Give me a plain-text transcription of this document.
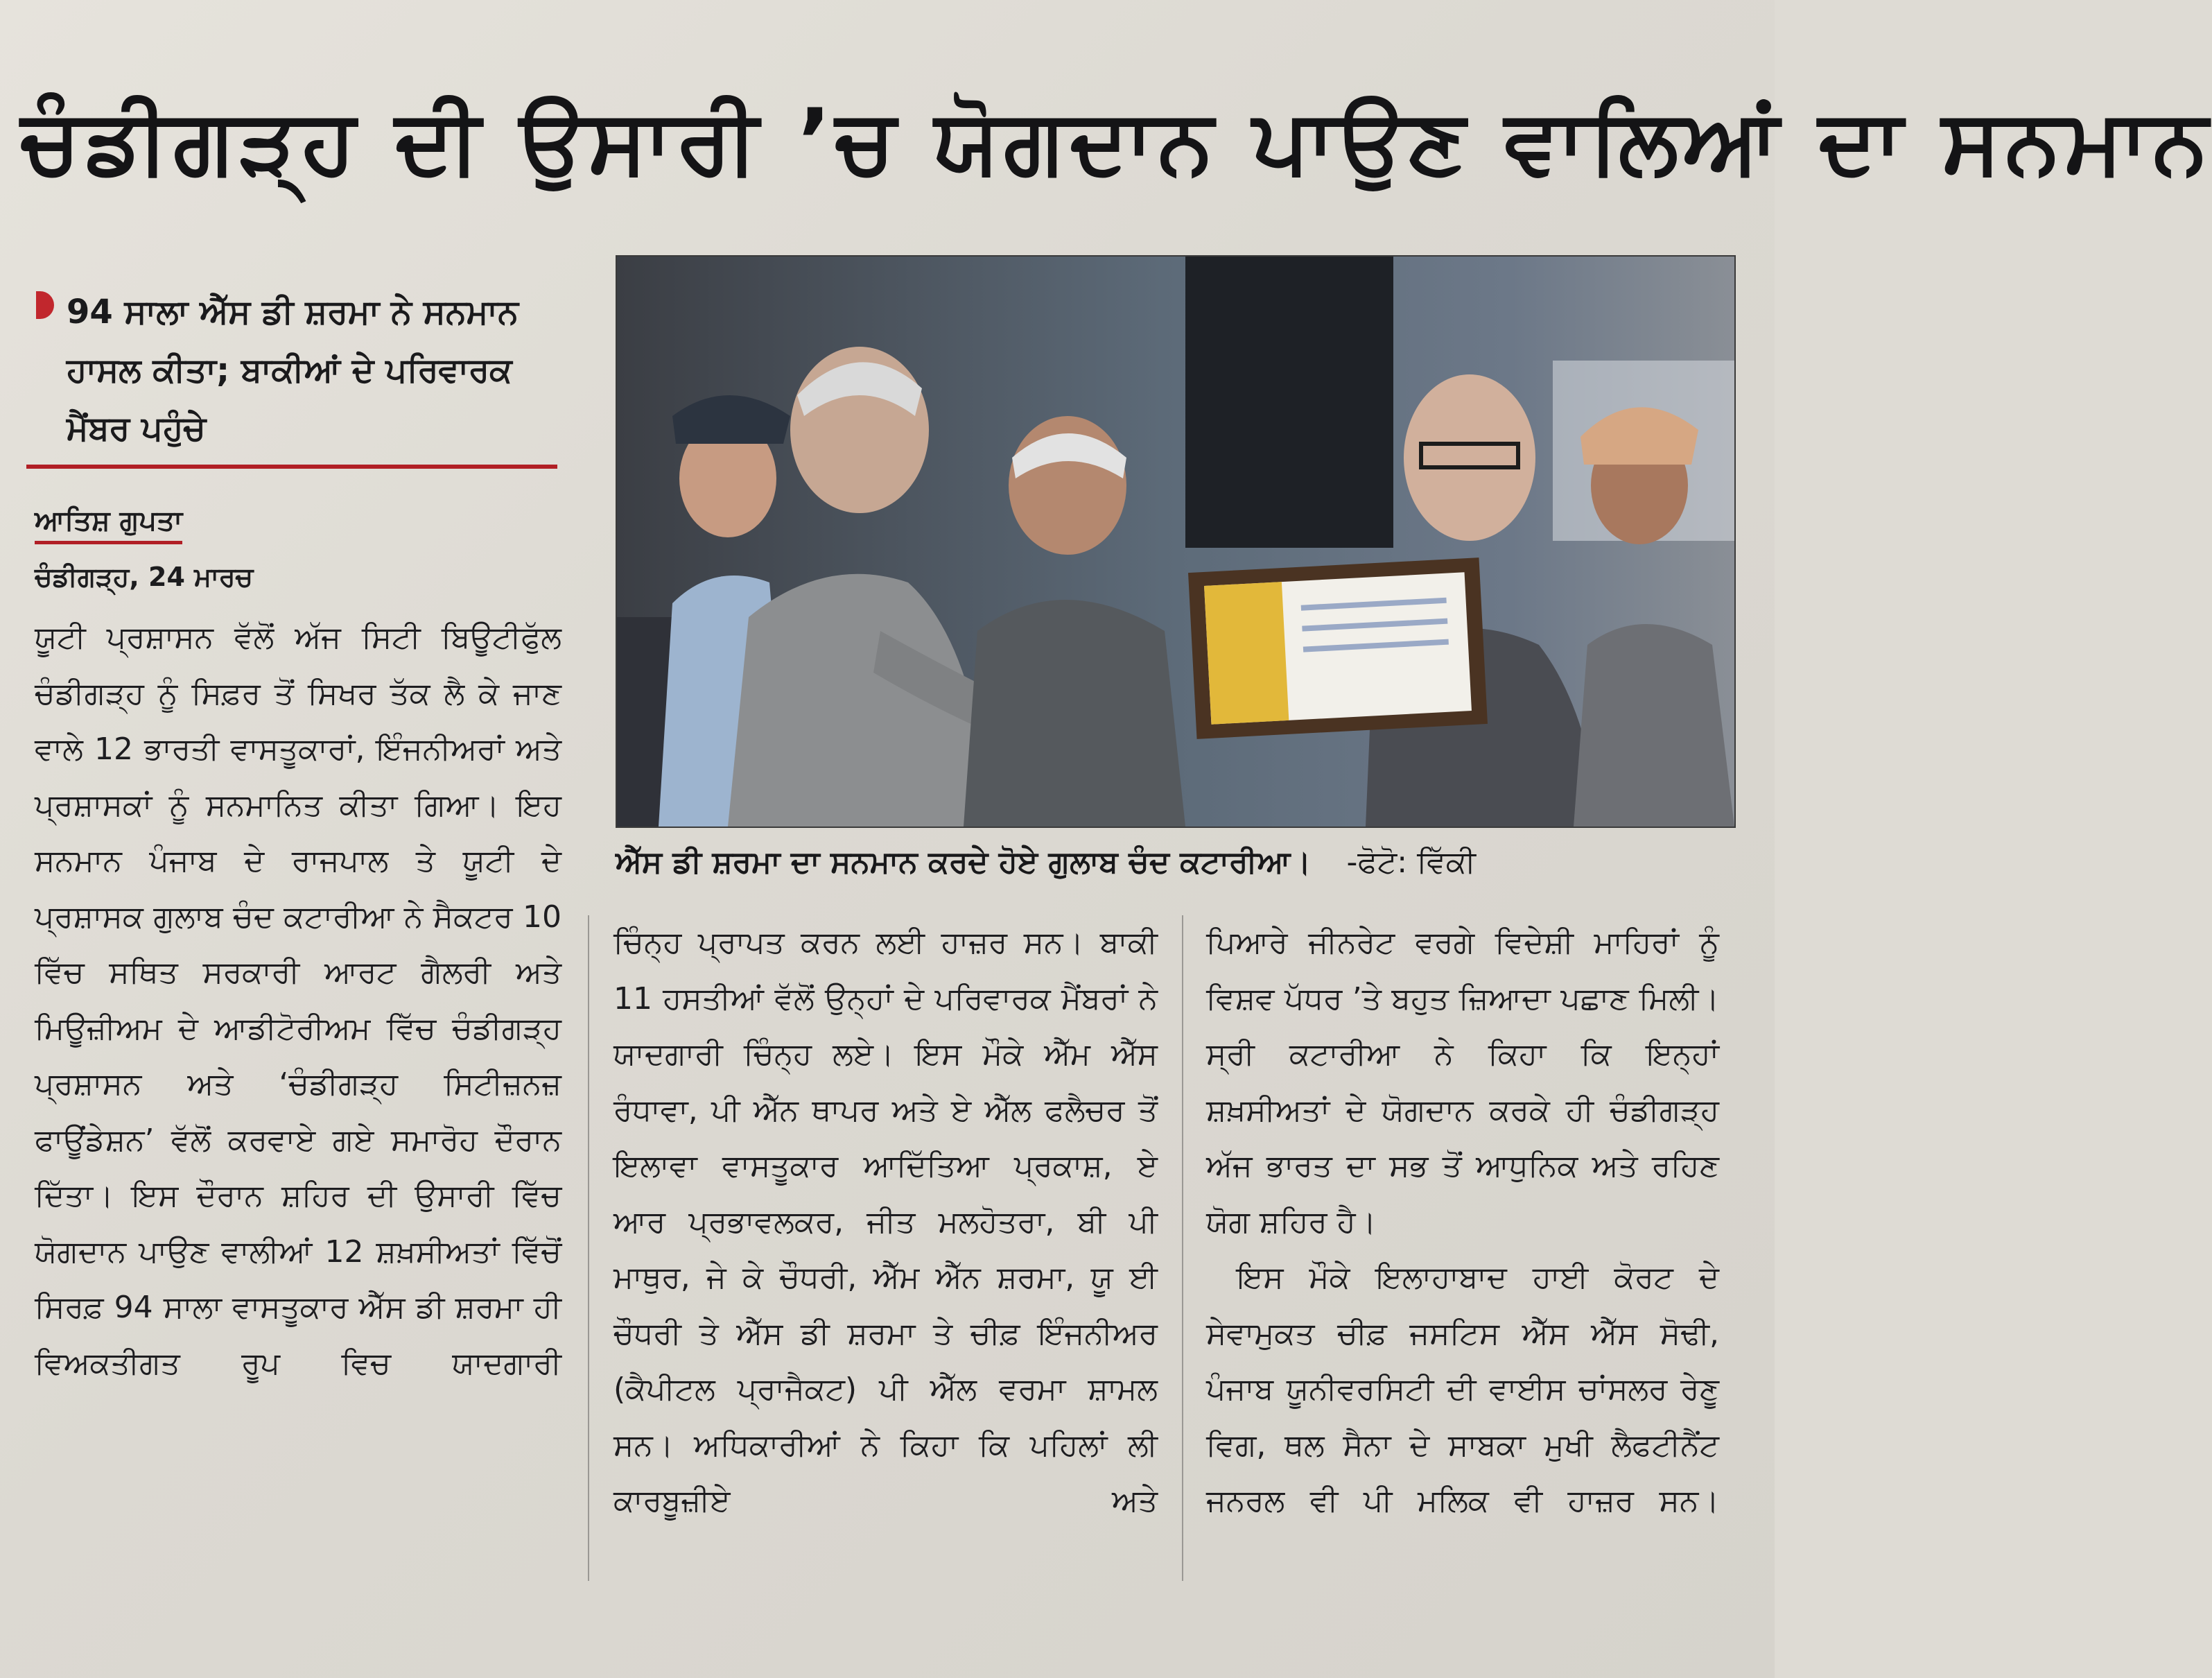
ਚੰਡੀਗੜ੍ਹ ਦੀ ਉਸਾਰੀ ’ਚ ਯੋਗਦਾਨ ਪਾਉਣ ਵਾਲਿਆਂ ਦਾ ਸਨਮਾਨ
94 ਸਾਲਾ ਐੱਸ ਡੀ ਸ਼ਰਮਾ ਨੇ ਸਨਮਾਨ ਹਾਸਲ ਕੀਤਾ; ਬਾਕੀਆਂ ਦੇ ਪਰਿਵਾਰਕ ਮੈਂਬਰ ਪਹੁੰਚੇ
ਆਤਿਸ਼ ਗੁਪਤਾ
ਚੰਡੀਗੜ੍ਹ, 24 ਮਾਰਚ

ਯੂਟੀ ਪ੍ਰਸ਼ਾਸਨ ਵੱਲੋਂ ਅੱਜ ਸਿਟੀ ਬਿਊਟੀਫੁੱਲ ਚੰਡੀਗੜ੍ਹ ਨੂੰ ਸਿਫ਼ਰ ਤੋਂ ਸਿਖਰ ਤੱਕ ਲੈ ਕੇ ਜਾਣ ਵਾਲੇ 12 ਭਾਰਤੀ ਵਾਸਤੂਕਾਰਾਂ, ਇੰਜਨੀਅਰਾਂ ਅਤੇ ਪ੍ਰਸ਼ਾਸਕਾਂ ਨੂੰ ਸਨਮਾਨਿਤ ਕੀਤਾ ਗਿਆ। ਇਹ ਸਨਮਾਨ ਪੰਜਾਬ ਦੇ ਰਾਜਪਾਲ ਤੇ ਯੂਟੀ ਦੇ ਪ੍ਰਸ਼ਾਸਕ ਗੁਲਾਬ ਚੰਦ ਕਟਾਰੀਆ ਨੇ ਸੈਕਟਰ 10 ਵਿੱਚ ਸਥਿਤ ਸਰਕਾਰੀ ਆਰਟ ਗੈਲਰੀ ਅਤੇ ਮਿਊਜ਼ੀਅਮ ਦੇ ਆਡੀਟੋਰੀਅਮ ਵਿੱਚ ਚੰਡੀਗੜ੍ਹ ਪ੍ਰਸ਼ਾਸਨ ਅਤੇ ‘ਚੰਡੀਗੜ੍ਹ ਸਿਟੀਜ਼ਨਜ਼ ਫਾਊਂਡੇਸ਼ਨ’ ਵੱਲੋਂ ਕਰਵਾਏ ਗਏ ਸਮਾਰੋਹ ਦੌਰਾਨ ਦਿੱਤਾ। ਇਸ ਦੌਰਾਨ ਸ਼ਹਿਰ ਦੀ ਉਸਾਰੀ ਵਿੱਚ ਯੋਗਦਾਨ ਪਾਉਣ ਵਾਲੀਆਂ 12 ਸ਼ਖ਼ਸੀਅਤਾਂ ਵਿੱਚੋਂ ਸਿਰਫ਼ 94 ਸਾਲਾ ਵਾਸਤੂਕਾਰ ਐੱਸ ਡੀ ਸ਼ਰਮਾ ਹੀ ਵਿਅਕਤੀਗਤ ਰੂਪ ਵਿਚ ਯਾਦਗਾਰੀ

ਐੱਸ ਡੀ ਸ਼ਰਮਾ ਦਾ ਸਨਮਾਨ ਕਰਦੇ ਹੋਏ ਗੁਲਾਬ ਚੰਦ ਕਟਾਰੀਆ। -ਫੋਟੋ: ਵਿੱਕੀ

ਚਿੰਨ੍ਹ ਪ੍ਰਾਪਤ ਕਰਨ ਲਈ ਹਾਜ਼ਰ ਸਨ। ਬਾਕੀ 11 ਹਸਤੀਆਂ ਵੱਲੋਂ ਉਨ੍ਹਾਂ ਦੇ ਪਰਿਵਾਰਕ ਮੈਂਬਰਾਂ ਨੇ ਯਾਦਗਾਰੀ ਚਿੰਨ੍ਹ ਲਏ। ਇਸ ਮੌਕੇ ਐੱਮ ਐੱਸ ਰੰਧਾਵਾ, ਪੀ ਐੱਨ ਥਾਪਰ ਅਤੇ ਏ ਐੱਲ ਫਲੈਚਰ ਤੋਂ ਇਲਾਵਾ ਵਾਸਤੂਕਾਰ ਆਦਿੱਤਿਆ ਪ੍ਰਕਾਸ਼, ਏ ਆਰ ਪ੍ਰਭਾਵਲਕਰ, ਜੀਤ ਮਲਹੋਤਰਾ, ਬੀ ਪੀ ਮਾਥੁਰ, ਜੇ ਕੇ ਚੌਧਰੀ, ਐੱਮ ਐੱਨ ਸ਼ਰਮਾ, ਯੂ ਈ ਚੌਧਰੀ ਤੇ ਐੱਸ ਡੀ ਸ਼ਰਮਾ ਤੇ ਚੀਫ਼ ਇੰਜਨੀਅਰ (ਕੈਪੀਟਲ ਪ੍ਰਾਜੈਕਟ) ਪੀ ਐੱਲ ਵਰਮਾ ਸ਼ਾਮਲ ਸਨ। ਅਧਿਕਾਰੀਆਂ ਨੇ ਕਿਹਾ ਕਿ ਪਹਿਲਾਂ ਲੀ ਕਾਰਬੂਜ਼ੀਏ ਅਤੇ

ਪਿਆਰੇ ਜੀਨਰੇਟ ਵਰਗੇ ਵਿਦੇਸ਼ੀ ਮਾਹਿਰਾਂ ਨੂੰ ਵਿਸ਼ਵ ਪੱਧਰ ’ਤੇ ਬਹੁਤ ਜ਼ਿਆਦਾ ਪਛਾਣ ਮਿਲੀ। ਸ੍ਰੀ ਕਟਾਰੀਆ ਨੇ ਕਿਹਾ ਕਿ ਇਨ੍ਹਾਂ ਸ਼ਖ਼ਸੀਅਤਾਂ ਦੇ ਯੋਗਦਾਨ ਕਰਕੇ ਹੀ ਚੰਡੀਗੜ੍ਹ ਅੱਜ ਭਾਰਤ ਦਾ ਸਭ ਤੋਂ ਆਧੁਨਿਕ ਅਤੇ ਰਹਿਣ ਯੋਗ ਸ਼ਹਿਰ ਹੈ।

ਇਸ ਮੌਕੇ ਇਲਾਹਾਬਾਦ ਹਾਈ ਕੋਰਟ ਦੇ ਸੇਵਾਮੁਕਤ ਚੀਫ਼ ਜਸਟਿਸ ਐੱਸ ਐੱਸ ਸੋਢੀ, ਪੰਜਾਬ ਯੂਨੀਵਰਸਿਟੀ ਦੀ ਵਾਈਸ ਚਾਂਸਲਰ ਰੇਣੂ ਵਿਗ, ਥਲ ਸੈਨਾ ਦੇ ਸਾਬਕਾ ਮੁਖੀ ਲੈਫਟੀਨੈਂਟ ਜਨਰਲ ਵੀ ਪੀ ਮਲਿਕ ਵੀ ਹਾਜ਼ਰ ਸਨ।
